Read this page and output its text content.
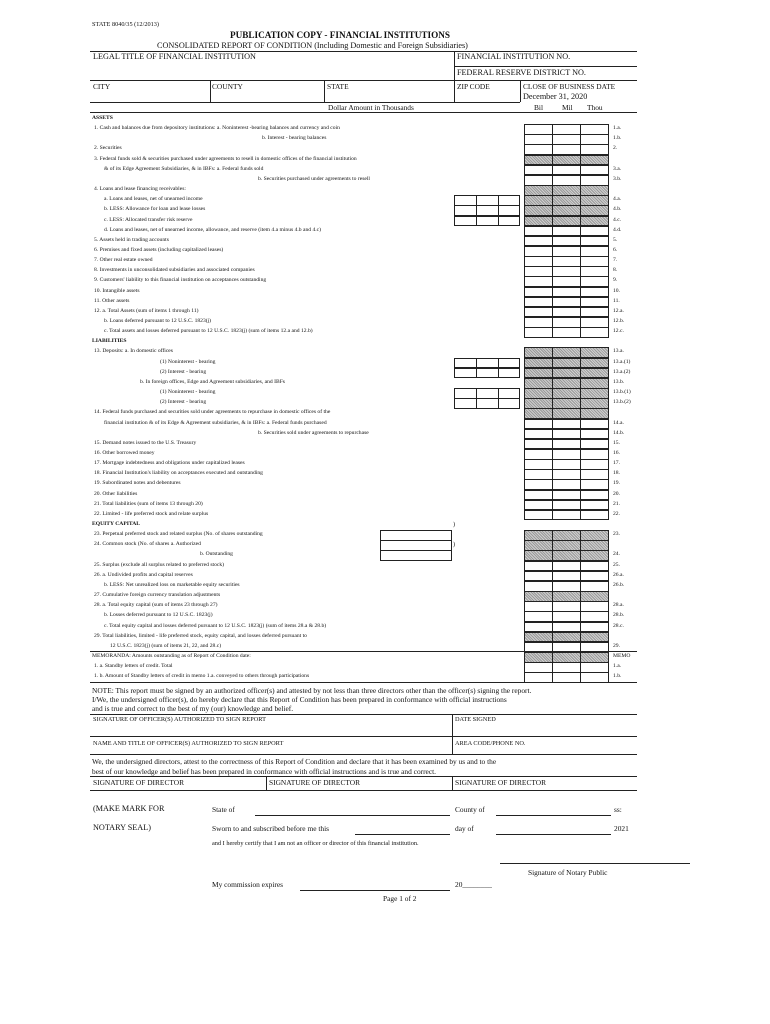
STATE 8040/35 (12/2013)
PUBLICATION COPY - FINANCIAL INSTITUTIONS
CONSOLIDATED REPORT OF CONDITION (Including Domestic and Foreign Subsidiaries)
LEGAL TITLE OF FINANCIAL INSTITUTION	FINANCIAL INSTITUTION NO.
FEDERAL RESERVE DISTRICT NO.
CITY	COUNTY	STATE	ZIP CODE	CLOSE OF BUSINESS DATE
December 31, 2020
Dollar Amount in Thousands	Bil	Mil Thou
ASSETS
1. Cash and balances due from depository institutions: a. Noninterest -bearing balances and currency and coin	1.a.
b. Interest - bearing balances	1.b.
2. Securities	2.
3. Federal funds sold & securities purchased under agreements to resell in domestic offices of the financial institution
& of its Edge Agreement Subsidiaries, & in IBFs: a. Federal funds sold	3.a.
b. Securities purchased under agreements to resell	3.b.
4. Loans and lease financing receivables:
a. Loans and leases, net of unearned income	4.a.
b. LESS: Allowance for loan and lease losses	4.b.
c. LESS: Allocated transfer risk reserve	4.c.
d. Loans and leases, net of unearned income, allowance, and reserve (item 4.a minus 4.b and 4.c)	4.d.
5. Assets held in trading accounts	5.
6. Premises and fixed assets (including capitalized leases)	6.
7. Other real estate owned	7.
8. Investments in unconsolidated subsidiaries and associated companies	8.
9. Customers' liability to this financial institution on acceptances outstanding	9.
10. Intangible assets	10.
11. Other assets	11.
12. a. Total Assets (sum of items 1 through 11)	12.a.
b. Loans deferred pursuant to 12 U.S.C. 1823(j)	12.b.
c. Total assets and losses deferred pursuant to 12 U.S.C. 1823(j) (sum of items 12.a and 12.b)	12.c.
LIABILITIES
13. Deposits: a. In domestic offices	13.a.
(1) Noninterest - bearing	13.a.(1)
(2) Interest - bearing	13.a.(2)
b. In foreign offices, Edge and Agreement subsidiaries, and IBFs	13.b.
(1) Noninterest - bearing	13.b.(1)
(2) Interest - bearing	13.b.(2)
14. Federal funds purchased and securities sold under agreements to repurchase in domestic offices of the
financial institution & of its Edge & Agreement subsidiaries, & in IBFs: a. Federal funds purchased	14.a.
b. Securities sold under agreements to repurchase	14.b.
15. Demand notes issued to the U.S. Treasury	15.
16. Other borrowed money	16.
17. Mortgage indebtedness and obligations under capitalized leases	17.
18. Financial Institution's liability on acceptances executed and outstanding	18.
19. Subordinated notes and debentures	19.
20. Other liabilities	20.
21. Total liabilities (sum of items 13 through 20)	21.
22. Limited - life preferred stock and relate surplus	22.
EQUITY CAPITAL
23. Perpetual preferred stock and related surplus (No. of shares outstanding	23.
24. Common stock (No. of shares a. Authorized
b. Outstanding	24.
25. Surplus (exclude all surplus related to preferred stock)	25.
26. a. Undivided profits and capital reserves	26.a.
b. LESS: Net unrealized loss on marketable equity securities	26.b.
27. Cumulative foreign currency translation adjustments
28. a. Total equity capital (sum of items 23 through 27)	28.a.
b. Losses deferred pursuant to 12 U.S.C. 1823(j)	28.b.
c. Total equity capital and losses deferred pursuant to 12 U.S.C. 1823(j) (sum of items 28.a & 28.b)	28.c.
29. Total liabilities, limited - life preferred stock, equity capital, and losses deferred pursuant to
12 U.S.C. 1823(j) (sum of items 21, 22, and 28.c)	29.
MEMORANDA: Amounts outstanding as of Report of Condition date:	MEMO
1. a. Standby letters of credit. Total	1.a.
1. b. Amount of Standby letters of credit in memo 1.a. conveyed to others through participations	1.b.
)
)
NOTE: This report must be signed by an authorized officer(s) and attested by not less than three directors other than the officer(s) signing the report.
I/We, the undersigned officer(s), do hereby declare that this Report of Condition has been prepared in conformance with official instructions
and is true and correct to the best of my (our) knowledge and belief.
SIGNATURE OF OFFICER(S) AUTHORIZED TO SIGN REPORT	DATE SIGNED
NAME AND TITLE OF OFFICER(S) AUTHORIZED TO SIGN REPORT	AREA CODE/PHONE NO.
We, the undersigned directors, attest to the correctness of this Report of Condition and declare that it has been examined by us and to the
best of our knowledge and belief has been prepared in conformance with official instructions and is true and correct.
SIGNATURE OF DIRECTOR	SIGNATURE OF DIRECTOR	SIGNATURE OF DIRECTOR
(MAKE MARK FOR
NOTARY SEAL)
State of	County of	ss:
Sworn to and subscribed before me this	day of	2021
and I hereby certify that I am not an officer or director of this financial institution.
Signature of Notary Public
My commission expires	20________
Page 1 of 2
